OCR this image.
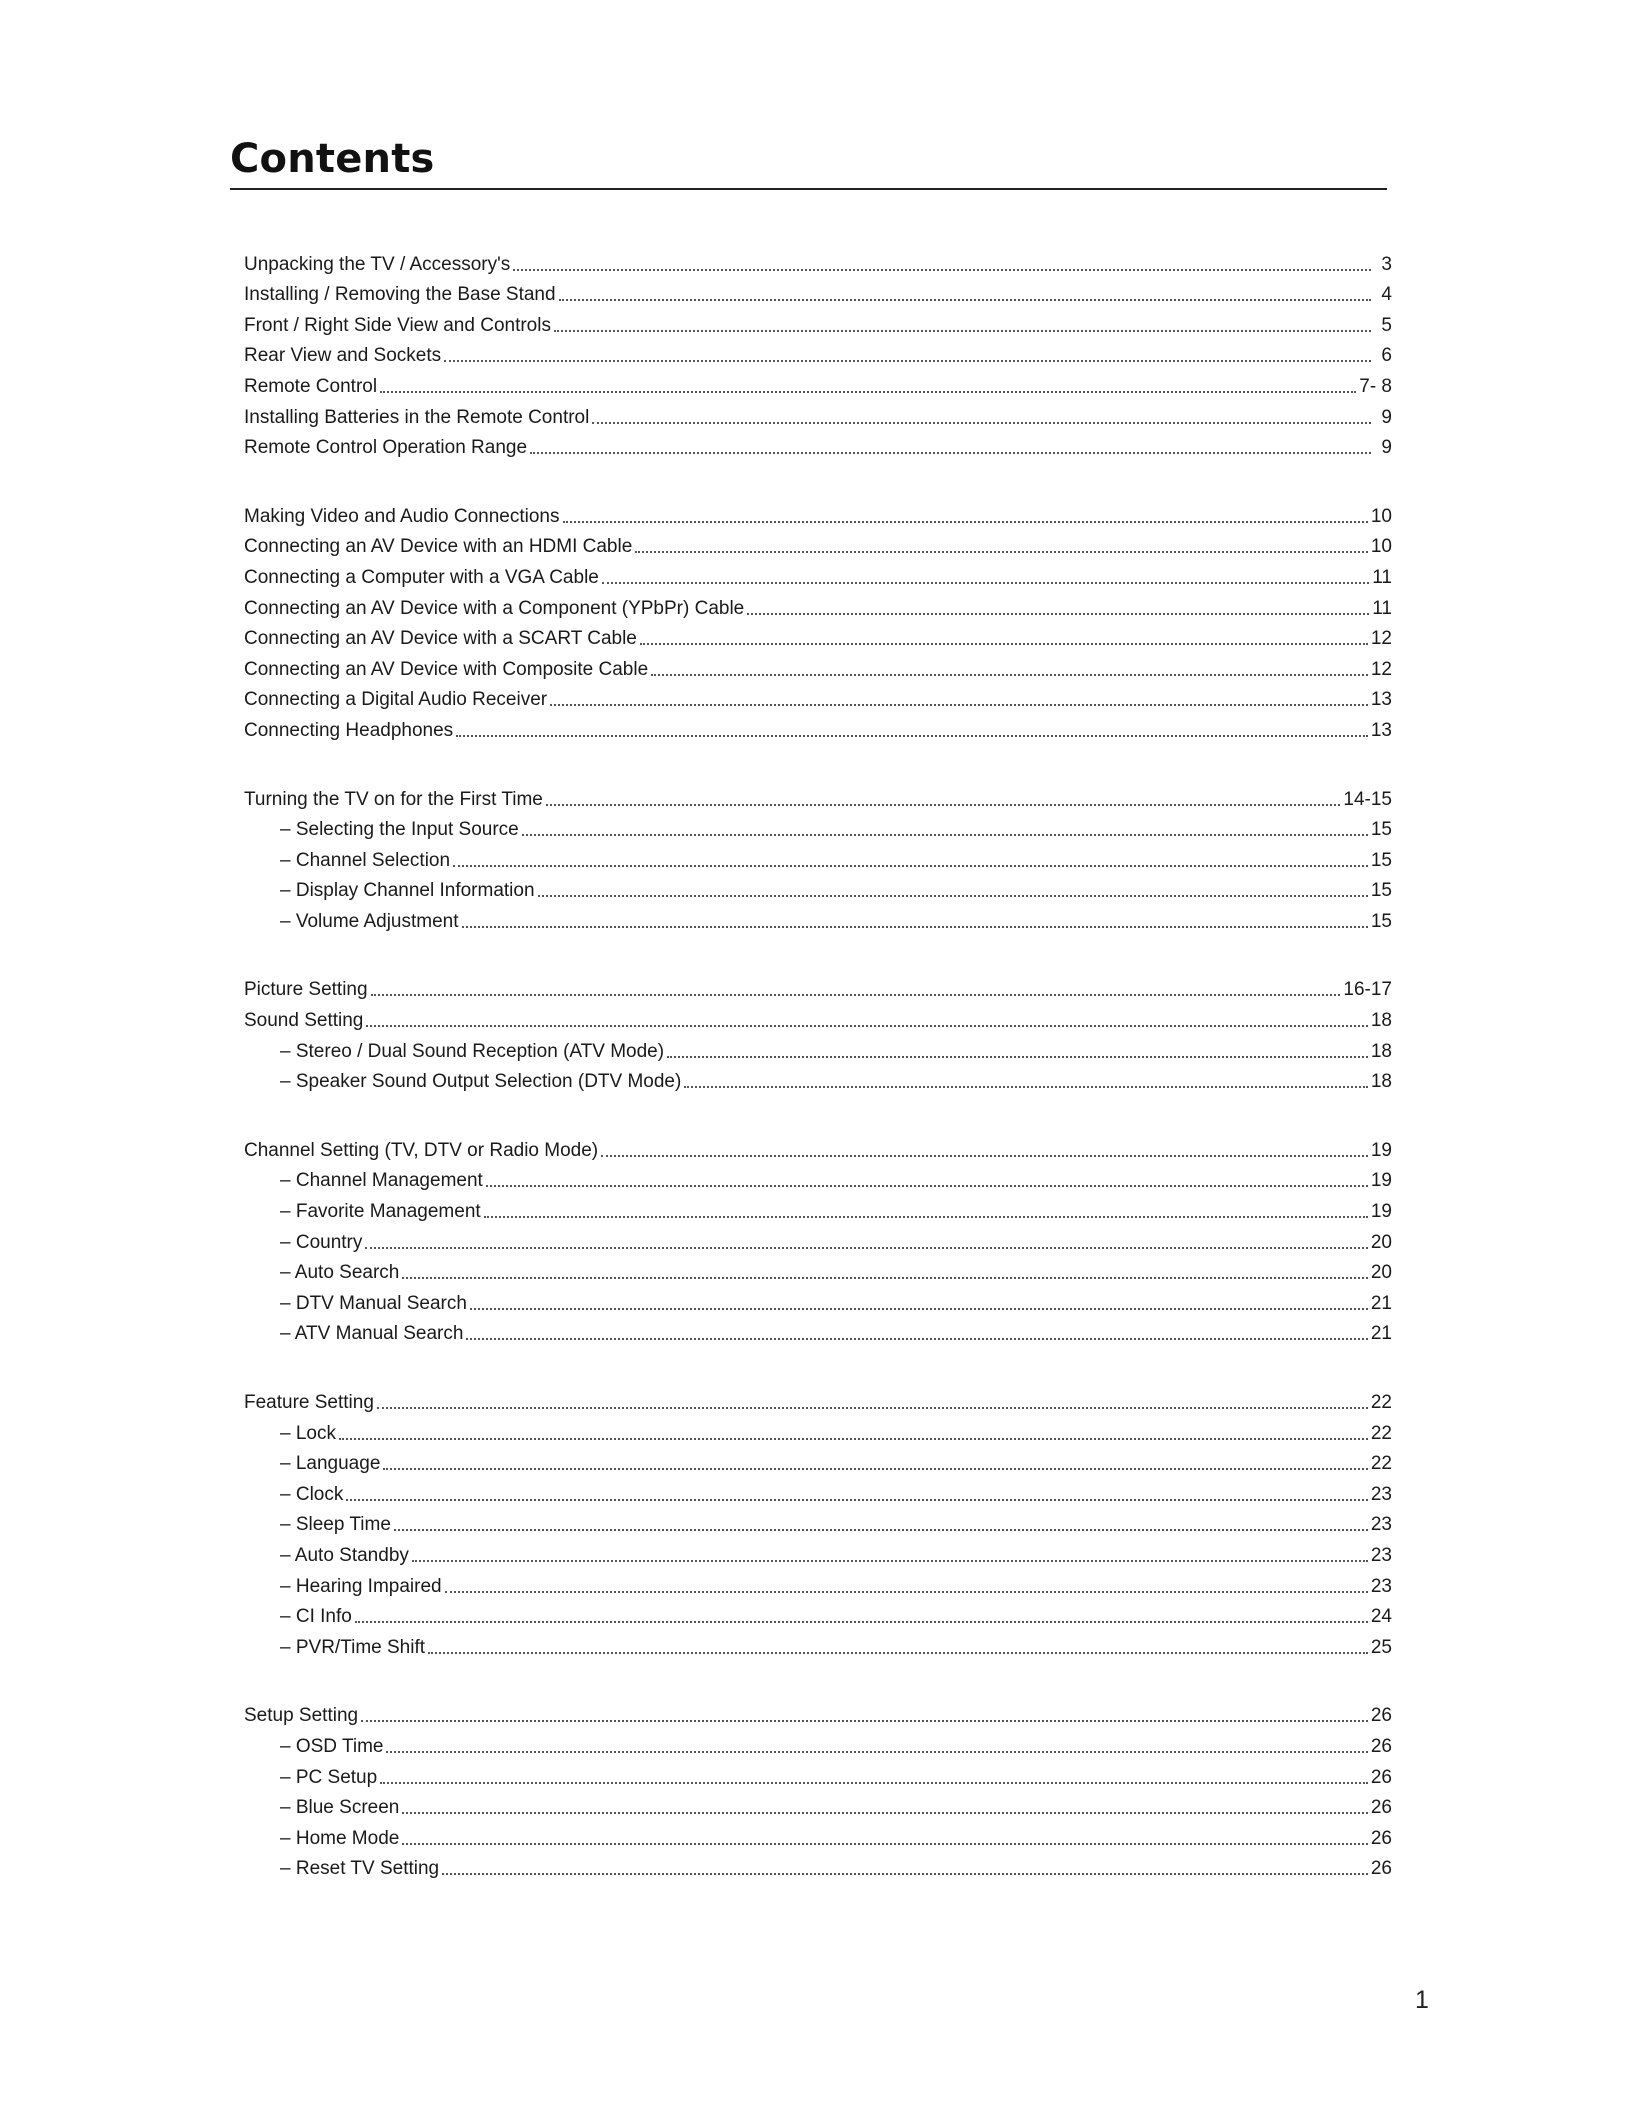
Contents
Unpacking the TV / Accessory's	3
Installing / Removing the Base Stand	4
Front / Right Side View and Controls	5
Rear View and Sockets	6
Remote Control	7- 8
Installing Batteries in the Remote Control	9
Remote Control Operation Range	9
Making Video and Audio Connections	10
Connecting an AV Device with an HDMI Cable	10
Connecting a Computer with a VGA Cable	11
Connecting an AV Device with a Component (YPbPr) Cable	11
Connecting an AV Device with a SCART Cable	12
Connecting an AV Device with Composite Cable	12
Connecting a Digital Audio Receiver	13
Connecting Headphones	13
Turning the TV on for the First Time	14-15
– Selecting the Input Source	15
– Channel Selection	15
– Display Channel Information	15
– Volume Adjustment	15
Picture Setting	16-17
Sound Setting	18
– Stereo / Dual Sound Reception (ATV Mode)	18
– Speaker Sound Output Selection (DTV Mode)	18
Channel Setting (TV, DTV or Radio Mode)	19
– Channel Management	19
– Favorite Management	19
– Country	20
– Auto Search	20
– DTV Manual Search	21
– ATV Manual Search	21
Feature Setting	22
– Lock	22
– Language	22
– Clock	23
– Sleep Time	23
– Auto Standby	23
– Hearing Impaired	23
– CI Info	24
– PVR/Time Shift	25
Setup Setting	26
– OSD Time	26
– PC Setup	26
– Blue Screen	26
– Home Mode	26
– Reset TV Setting	26
1
